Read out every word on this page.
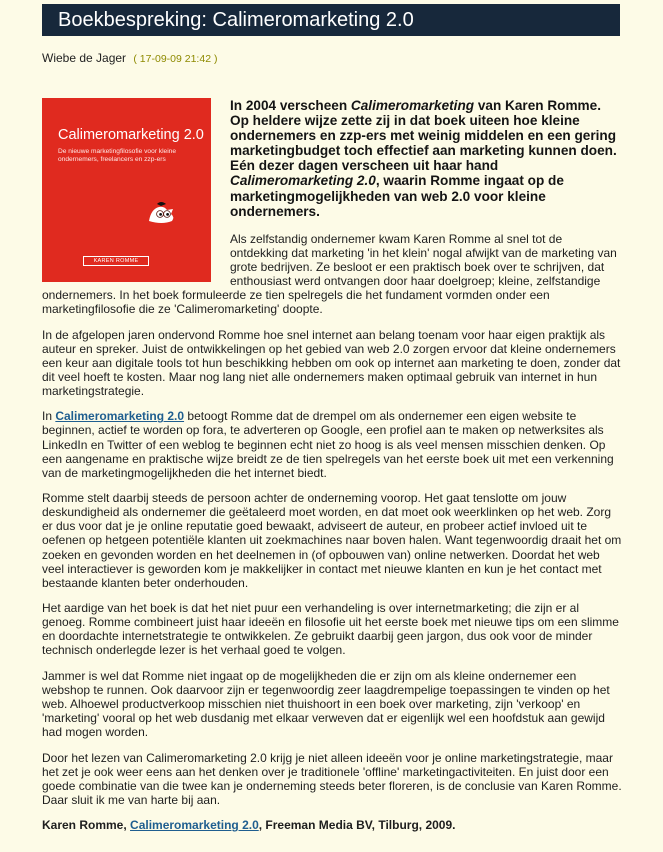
Boekbespreking: Calimeromarketing 2.0
Wiebe de Jager ( 17-09-09 21:42 )
Calimeromarketing 2.0
De nieuwe marketingfilosofie voor kleine ondernemers, freelancers en zzp-ers
KAREN ROMME
In 2004 verscheen Calimeromarketing van Karen Romme. Op heldere wijze zette zij in dat boek uiteen hoe kleine ondernemers en zzp-ers met weinig middelen en een gering marketingbudget toch effectief aan marketing kunnen doen. Eén dezer dagen verscheen uit haar hand Calimeromarketing 2.0, waarin Romme ingaat op de marketingmogelijkheden van web 2.0 voor kleine ondernemers.

Als zelfstandig ondernemer kwam Karen Romme al snel tot de ontdekking dat marketing 'in het klein' nogal afwijkt van de marketing van grote bedrijven. Ze besloot er een praktisch boek over te schrijven, dat enthousiast werd ontvangen door haar doelgroep; kleine, zelfstandige ondernemers. In het boek formuleerde ze tien spelregels die het fundament vormden onder een marketingfilosofie die ze 'Calimeromarketing' doopte.

In de afgelopen jaren ondervond Romme hoe snel internet aan belang toenam voor haar eigen praktijk als auteur en spreker. Juist de ontwikkelingen op het gebied van web 2.0 zorgen ervoor dat kleine ondernemers een keur aan digitale tools tot hun beschikking hebben om ook op internet aan marketing te doen, zonder dat dit veel hoeft te kosten. Maar nog lang niet alle ondernemers maken optimaal gebruik van internet in hun marketingstrategie.

In Calimeromarketing 2.0 betoogt Romme dat de drempel om als ondernemer een eigen website te beginnen, actief te worden op fora, te adverteren op Google, een profiel aan te maken op netwerksites als LinkedIn en Twitter of een weblog te beginnen echt niet zo hoog is als veel mensen misschien denken. Op een aangename en praktische wijze breidt ze de tien spelregels van het eerste boek uit met een verkenning van de marketingmogelijkheden die het internet biedt.

Romme stelt daarbij steeds de persoon achter de onderneming voorop. Het gaat tenslotte om jouw deskundigheid als ondernemer die geëtaleerd moet worden, en dat moet ook weerklinken op het web. Zorg er dus voor dat je je online reputatie goed bewaakt, adviseert de auteur, en probeer actief invloed uit te oefenen op hetgeen potentiële klanten uit zoekmachines naar boven halen. Want tegenwoordig draait het om zoeken en gevonden worden en het deelnemen in (of opbouwen van) online netwerken. Doordat het web veel interactiever is geworden kom je makkelijker in contact met nieuwe klanten en kun je het contact met bestaande klanten beter onderhouden.

Het aardige van het boek is dat het niet puur een verhandeling is over internetmarketing; die zijn er al genoeg. Romme combineert juist haar ideeën en filosofie uit het eerste boek met nieuwe tips om een slimme en doordachte internetstrategie te ontwikkelen. Ze gebruikt daarbij geen jargon, dus ook voor de minder technisch onderlegde lezer is het verhaal goed te volgen.

Jammer is wel dat Romme niet ingaat op de mogelijkheden die er zijn om als kleine ondernemer een webshop te runnen. Ook daarvoor zijn er tegenwoordig zeer laagdrempelige toepassingen te vinden op het web. Alhoewel productverkoop misschien niet thuishoort in een boek over marketing, zijn 'verkoop' en 'marketing' vooral op het web dusdanig met elkaar verweven dat er eigenlijk wel een hoofdstuk aan gewijd had mogen worden.

Door het lezen van Calimeromarketing 2.0 krijg je niet alleen ideeën voor je online marketingstrategie, maar het zet je ook weer eens aan het denken over je traditionele 'offline' marketingactiviteiten. En juist door een goede combinatie van die twee kan je onderneming steeds beter floreren, is de conclusie van Karen Romme. Daar sluit ik me van harte bij aan.

Karen Romme, Calimeromarketing 2.0, Freeman Media BV, Tilburg, 2009.
